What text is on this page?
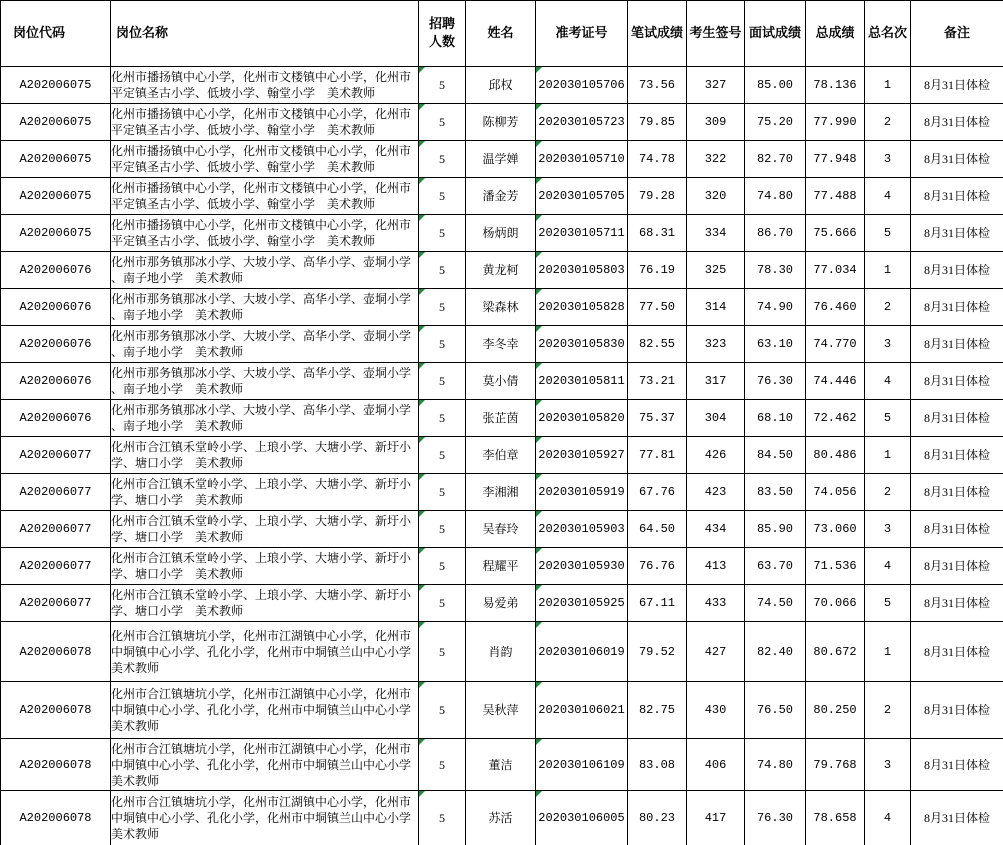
岗位代码	岗位名称	招聘人数	姓名	准考证号	笔试成绩	考生签号	面试成绩	总成绩	总名次	备注
A202006075	化州市播扬镇中心小学，化州市文楼镇中心小学，化州市平定镇圣古小学、低坡小学、翰堂小学　美术教师	5	邱权	202030105706	73.56	327	85.00	78.136	1	8月31日体检
A202006075	化州市播扬镇中心小学，化州市文楼镇中心小学，化州市平定镇圣古小学、低坡小学、翰堂小学　美术教师	5	陈柳芳	202030105723	79.85	309	75.20	77.990	2	8月31日体检
A202006075	化州市播扬镇中心小学，化州市文楼镇中心小学，化州市平定镇圣古小学、低坡小学、翰堂小学　美术教师	5	温学婵	202030105710	74.78	322	82.70	77.948	3	8月31日体检
A202006075	化州市播扬镇中心小学，化州市文楼镇中心小学，化州市平定镇圣古小学、低坡小学、翰堂小学　美术教师	5	潘金芳	202030105705	79.28	320	74.80	77.488	4	8月31日体检
A202006075	化州市播扬镇中心小学，化州市文楼镇中心小学，化州市平定镇圣古小学、低坡小学、翰堂小学　美术教师	5	杨炳朗	202030105711	68.31	334	86.70	75.666	5	8月31日体检
A202006076	化州市那务镇那冰小学、大坡小学、高华小学、壶垌小学、南子地小学　美术教师	5	黄龙柯	202030105803	76.19	325	78.30	77.034	1	8月31日体检
A202006076	化州市那务镇那冰小学、大坡小学、高华小学、壶垌小学、南子地小学　美术教师	5	梁森林	202030105828	77.50	314	74.90	76.460	2	8月31日体检
A202006076	化州市那务镇那冰小学、大坡小学、高华小学、壶垌小学、南子地小学　美术教师	5	李冬幸	202030105830	82.55	323	63.10	74.770	3	8月31日体检
A202006076	化州市那务镇那冰小学、大坡小学、高华小学、壶垌小学、南子地小学　美术教师	5	莫小倩	202030105811	73.21	317	76.30	74.446	4	8月31日体检
A202006076	化州市那务镇那冰小学、大坡小学、高华小学、壶垌小学、南子地小学　美术教师	5	张芷茵	202030105820	75.37	304	68.10	72.462	5	8月31日体检
A202006077	化州市合江镇禾堂岭小学、上琅小学、大塘小学、新圩小学、塘口小学　美术教师	5	李伯章	202030105927	77.81	426	84.50	80.486	1	8月31日体检
A202006077	化州市合江镇禾堂岭小学、上琅小学、大塘小学、新圩小学、塘口小学　美术教师	5	李湘湘	202030105919	67.76	423	83.50	74.056	2	8月31日体检
A202006077	化州市合江镇禾堂岭小学、上琅小学、大塘小学、新圩小学、塘口小学　美术教师	5	吴春玲	202030105903	64.50	434	85.90	73.060	3	8月31日体检
A202006077	化州市合江镇禾堂岭小学、上琅小学、大塘小学、新圩小学、塘口小学　美术教师	5	程耀平	202030105930	76.76	413	63.70	71.536	4	8月31日体检
A202006077	化州市合江镇禾堂岭小学、上琅小学、大塘小学、新圩小学、塘口小学　美术教师	5	易爱弟	202030105925	67.11	433	74.50	70.066	5	8月31日体检
A202006078	化州市合江镇塘坑小学，化州市江湖镇中心小学，化州市中垌镇中心小学、孔化小学，化州市中垌镇兰山中心小学美术教师	5	肖韵	202030106019	79.52	427	82.40	80.672	1	8月31日体检
A202006078	化州市合江镇塘坑小学，化州市江湖镇中心小学，化州市中垌镇中心小学、孔化小学，化州市中垌镇兰山中心小学美术教师	5	吴秋萍	202030106021	82.75	430	76.50	80.250	2	8月31日体检
A202006078	化州市合江镇塘坑小学，化州市江湖镇中心小学，化州市中垌镇中心小学、孔化小学，化州市中垌镇兰山中心小学美术教师	5	董洁	202030106109	83.08	406	74.80	79.768	3	8月31日体检
A202006078	化州市合江镇塘坑小学，化州市江湖镇中心小学，化州市中垌镇中心小学、孔化小学，化州市中垌镇兰山中心小学美术教师	5	苏活	202030106005	80.23	417	76.30	78.658	4	8月31日体检
